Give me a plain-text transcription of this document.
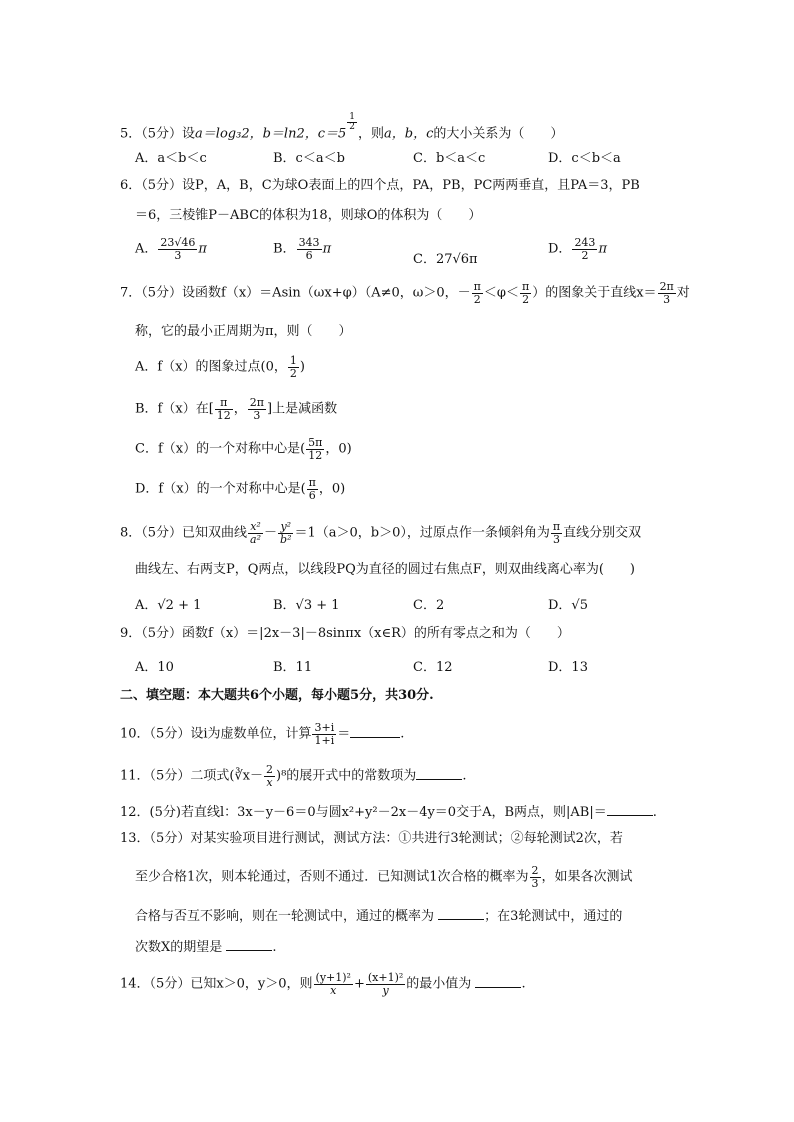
5．（5分）设a＝log₃2，b＝ln2，c＝5
$\frac{1}{2}$
，则a，b，c的大小关系为（　　）
A．a＜b＜c	B．c＜a＜b	C．b＜a＜c	D．c＜b＜a
6．（5分）设P，A，B，C为球O表面上的四个点，PA，PB，PC两两垂直，且PA＝3，PB
＝6，三棱锥P－ABC的体积为18，则球O的体积为（　　）
A． $\frac{23√46}{3}$ π	B． $\frac{343}{6}$ π
C．27√6π
D． $\frac{243}{2}$ π
7．（5分）设函数f（x）＝Asin（ωx+φ）（A≠0，ω＞0，－ $\frac{\pi}{2} <\varphi< \frac{\pi}{2}$ ）的图象关于直线$x= \frac{2\pi}{3}$ 对
称，它的最小正周期为π，则（　　）
A．f（x）的图象过点(0， $\frac{1}{2}$ )
B．f（x）在[ $\frac{\pi}{12}$ ， $\frac{2\pi}{3}$ ]上是减函数
C．f（x）的一个对称中心是( $\frac{5\pi}{12}$ ，0)
D．f（x）的一个对称中心是( $\frac{\pi}{6}$ ，0)
8．（5分）已知双曲线 $\frac{\text{x²}}{\text{a²}} - \frac{\text{y²}}{\text{b²}} =1(a>0$，b＞0），过原点作一条倾斜角为 $\frac{\pi}{3}$ 直线分别交双
曲线左、右两支P，Q两点，以线段PQ为直径的圆过右焦点F，则双曲线离心率为(　　)
A．√2 + 1	B．√3 + 1	C．2	D．√5
9．（5分）函数f（x）＝|2x－3|－8sinπx（x∈R）的所有零点之和为（　　）
A．10	B．11	C．12	D．13
二、填空题：本大题共6个小题，每小题5分，共30分.
10．（5分）设i为虚数单位，计算 $\frac{3+i}{1+i}$ ＝	.
11．（5分）二项式(∛x－ $\frac{2}{x} )^8$的展开式中的常数项为	.
12．(5分)若直线l：3x－y－6＝0与圆x²+y²－2x－4y＝0交于A，B两点，则|AB|＝	.
13．（5分）对某实验项目进行测试，测试方法：①共进行3轮测试；②每轮测试2次，若
至少合格1次，则本轮通过，否则不通过．已知测试1次合格的概率为 $\frac{2}{3}$ ，如果各次测试
合格与否互不影响，则在一轮测试中，通过的概率为	；在3轮测试中，通过的
次数X的期望是	.
14．（5分）已知x＞0，y＞0，则 $\frac{\text{(y+1)²}}{x} + \frac{\text{(x+1)²}}{y}$ 的最小值为	.
